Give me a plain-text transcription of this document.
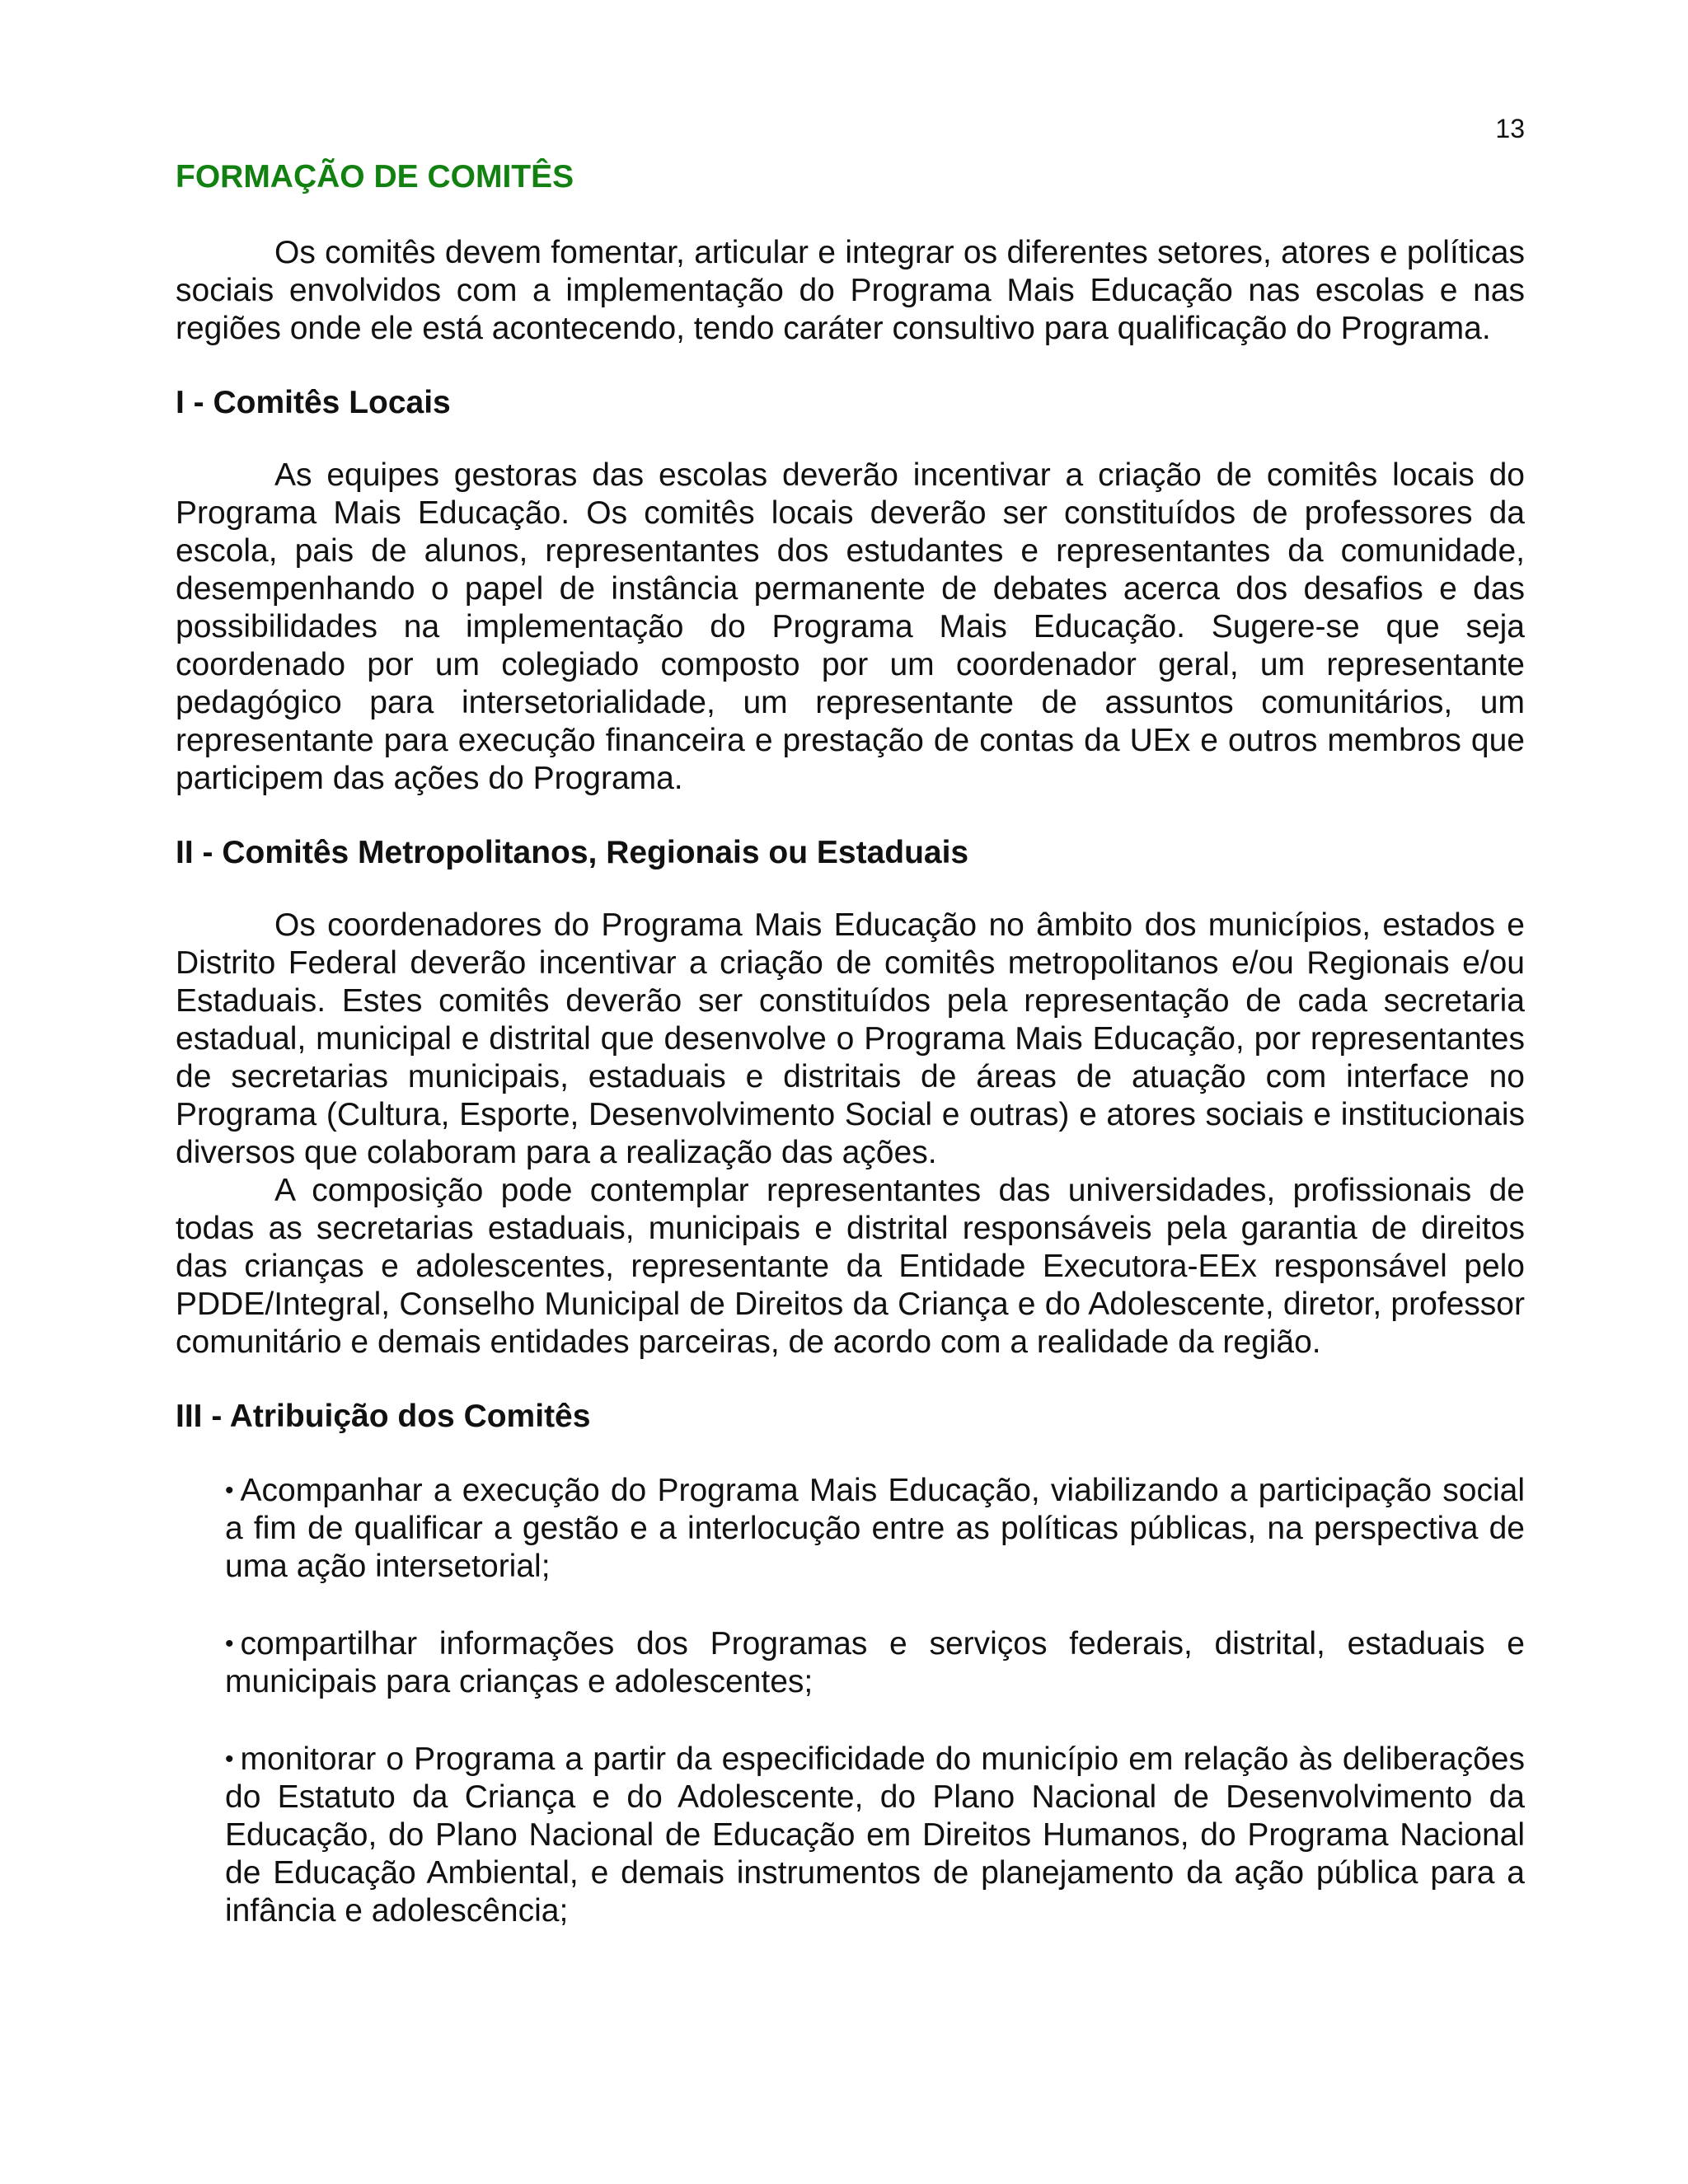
13
FORMAÇÃO DE COMITÊS

Os comitês devem fomentar, articular e integrar os diferentes setores, atores e políticas sociais envolvidos com a implementação do Programa Mais Educação nas escolas e nas regiões onde ele está acontecendo, tendo caráter consultivo para qualificação do Programa.

I - Comitês Locais

As equipes gestoras das escolas deverão incentivar a criação de comitês locais do Programa Mais Educação. Os comitês locais deverão ser constituídos de professores da escola, pais de alunos, representantes dos estudantes e representantes da comunidade, desempenhando o papel de instância permanente de debates acerca dos desafios e das possibilidades na implementação do Programa Mais Educação. Sugere-se que seja coordenado por um colegiado composto por um coordenador geral, um representante pedagógico para intersetorialidade, um representante de assuntos comunitários, um representante para execução financeira e prestação de contas da UEx e outros membros que participem das ações do Programa.

II - Comitês Metropolitanos, Regionais ou Estaduais

Os coordenadores do Programa Mais Educação no âmbito dos municípios, estados e Distrito Federal deverão incentivar a criação de comitês metropolitanos e/ou Regionais e/ou Estaduais. Estes comitês deverão ser constituídos pela representação de cada secretaria estadual, municipal e distrital que desenvolve o Programa Mais Educação, por representantes de secretarias municipais, estaduais e distritais de áreas de atuação com interface no Programa (Cultura, Esporte, Desenvolvimento Social e outras) e atores sociais e institucionais diversos que colaboram para a realização das ações.

A composição pode contemplar representantes das universidades, profissionais de todas as secretarias estaduais, municipais e distrital responsáveis pela garantia de direitos das crianças e adolescentes, representante da Entidade Executora-EEx responsável pelo PDDE/Integral, Conselho Municipal de Direitos da Criança e do Adolescente, diretor, professor comunitário e demais entidades parceiras, de acordo com a realidade da região.

III - Atribuição dos Comitês
• Acompanhar a execução do Programa Mais Educação, viabilizando a participação social a fim de qualificar a gestão e a interlocução entre as políticas públicas, na perspectiva de uma ação intersetorial;
• compartilhar informações dos Programas e serviços federais, distrital, estaduais e municipais para crianças e adolescentes;
• monitorar o Programa a partir da especificidade do município em relação às deliberações do Estatuto da Criança e do Adolescente, do Plano Nacional de Desenvolvimento da Educação, do Plano Nacional de Educação em Direitos Humanos, do Programa Nacional de Educação Ambiental, e demais instrumentos de planejamento da ação pública para a infância e adolescência;
